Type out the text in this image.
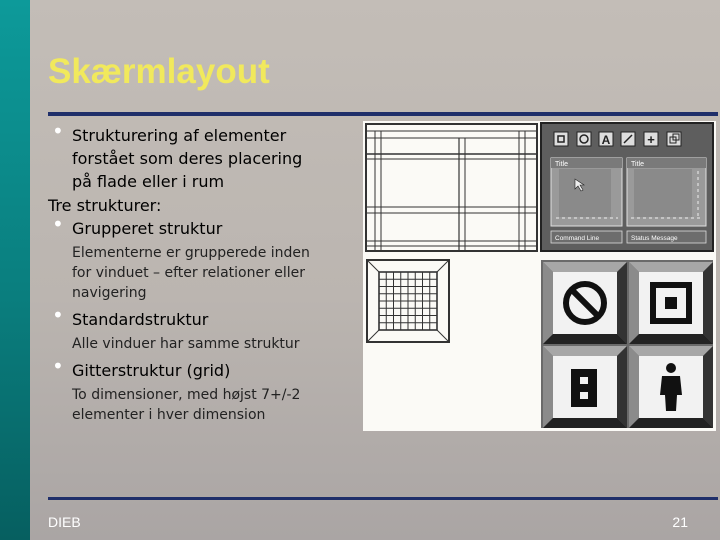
Skærmlayout
• Strukturering af elementer
forstået som deres placering
på flade eller i rum
Tre strukturer:
• Grupperet struktur
Elementerne er grupperede inden
for vinduet – efter relationer eller
navigering
• Standardstruktur
Alle vinduer har samme struktur
• Gitterstruktur (grid)
To dimensioner, med højst 7+/-2
elementer i hver dimension
A	+
Title	Title
Command Line	Status Message
DIEB	21
